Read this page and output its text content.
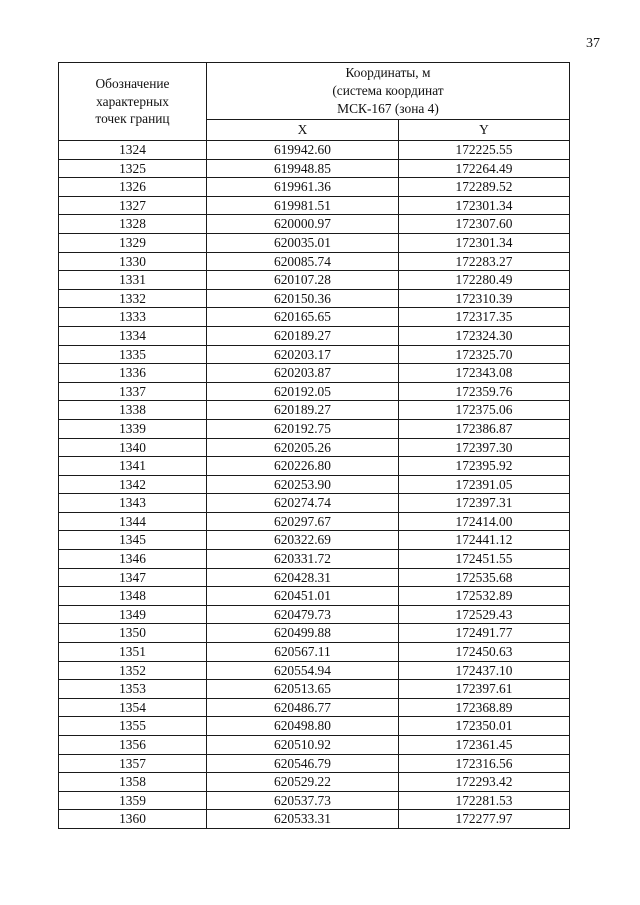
37
Обозначение
характерных
точек границ	Координаты, м
(система координат
МСК-167 (зона 4)	

	X	Y
1324	619942.60	172225.55
1325	619948.85	172264.49
1326	619961.36	172289.52
1327	619981.51	172301.34
1328	620000.97	172307.60
1329	620035.01	172301.34
1330	620085.74	172283.27
1331	620107.28	172280.49
1332	620150.36	172310.39
1333	620165.65	172317.35
1334	620189.27	172324.30
1335	620203.17	172325.70
1336	620203.87	172343.08
1337	620192.05	172359.76
1338	620189.27	172375.06
1339	620192.75	172386.87
1340	620205.26	172397.30
1341	620226.80	172395.92
1342	620253.90	172391.05
1343	620274.74	172397.31
1344	620297.67	172414.00
1345	620322.69	172441.12
1346	620331.72	172451.55
1347	620428.31	172535.68
1348	620451.01	172532.89
1349	620479.73	172529.43
1350	620499.88	172491.77
1351	620567.11	172450.63
1352	620554.94	172437.10
1353	620513.65	172397.61
1354	620486.77	172368.89
1355	620498.80	172350.01
1356	620510.92	172361.45
1357	620546.79	172316.56
1358	620529.22	172293.42
1359	620537.73	172281.53
1360	620533.31	172277.97
